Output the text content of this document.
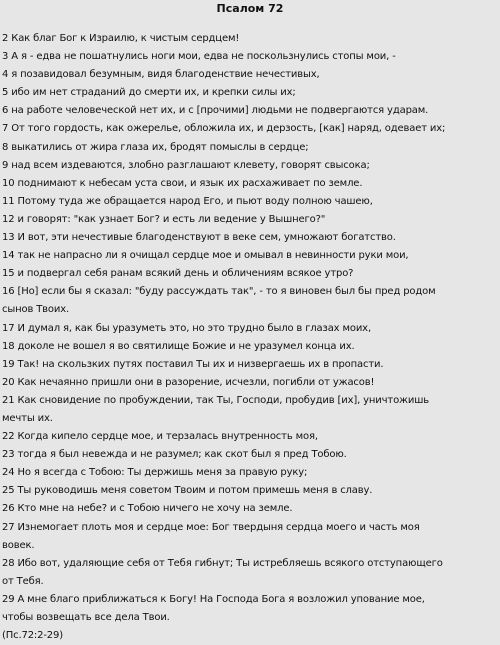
Псалом 72
2 Как благ Бог к Израилю, к чистым сердцем!
3 А я - едва не пошатнулись ноги мои, едва не поскользнулись стопы мои, -
4 я позавидовал безумным, видя благоденствие нечестивых,
5 ибо им нет страданий до смерти их, и крепки силы их;
6 на работе человеческой нет их, и с [прочими] людьми не подвергаются ударам.
7 От того гордость, как ожерелье, обложила их, и дерзость, [как] наряд, одевает их;
8 выкатились от жира глаза их, бродят помыслы в сердце;
9 над всем издеваются, злобно разглашают клевету, говорят свысока;
10 поднимают к небесам уста свои, и язык их расхаживает по земле.
11 Потому туда же обращается народ Его, и пьют воду полною чашею,
12 и говорят: "как узнает Бог? и есть ли ведение у Вышнего?"
13 И вот, эти нечестивые благоденствуют в веке сем, умножают богатство.
14 так не напрасно ли я очищал сердце мое и омывал в невинности руки мои,
15 и подвергал себя ранам всякий день и обличениям всякое утро?
16 [Но] если бы я сказал: "буду рассуждать так", - то я виновен был бы пред родом
сынов Твоих.
17 И думал я, как бы уразуметь это, но это трудно было в глазах моих,
18 доколе не вошел я во святилище Божие и не уразумел конца их.
19 Так! на скользких путях поставил Ты их и низвергаешь их в пропасти.
20 Как нечаянно пришли они в разорение, исчезли, погибли от ужасов!
21 Как сновидение по пробуждении, так Ты, Господи, пробудив [их], уничтожишь
мечты их.
22 Когда кипело сердце мое, и терзалась внутренность моя,
23 тогда я был невежда и не разумел; как скот был я пред Тобою.
24 Но я всегда с Тобою: Ты держишь меня за правую руку;
25 Ты руководишь меня советом Твоим и потом примешь меня в славу.
26 Кто мне на небе? и с Тобою ничего не хочу на земле.
27 Изнемогает плоть моя и сердце мое: Бог твердыня сердца моего и часть моя
вовек.
28 Ибо вот, удаляющие себя от Тебя гибнут; Ты истребляешь всякого отступающего
от Тебя.
29 А мне благо приближаться к Богу! На Господа Бога я возложил упование мое,
чтобы возвещать все дела Твои.
(Пс.72:2-29)
